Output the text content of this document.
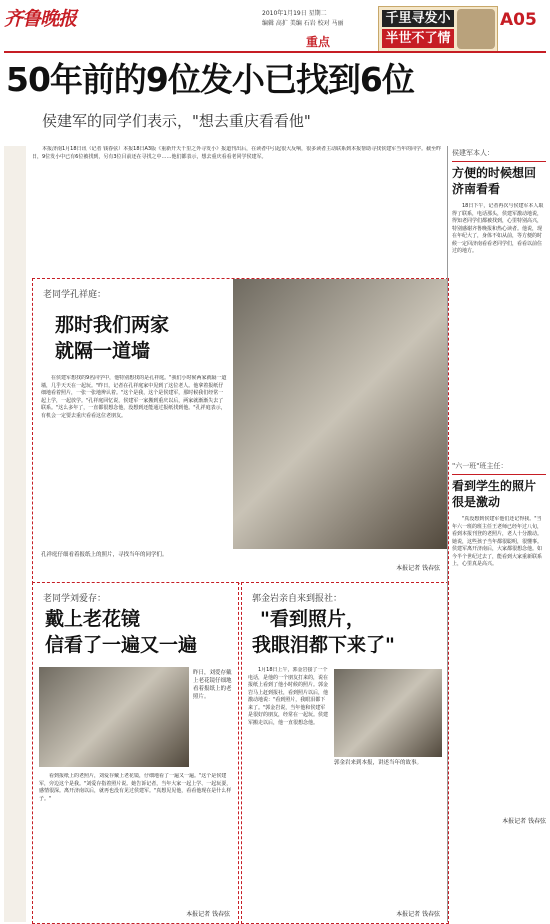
齐鲁晚报	2010年1月19日 星期二
编辑 高扩 美编 石岩 校对 马丽	千里寻发小
半世不了情
A05
重点
50年前的9位发小已找到6位
侯建军的同学们表示，"想去重庆看看他"

本报济南1月18日讯（记者 钱春弦）本报18日A3版《重新开天千里之外寻发小》报道刊出后，在读者中引起很大反响，很多读者主动联系到本报帮助寻找侯建军当年的同学。截至昨日，9位发小中已有6位被找到，另有3位目前还在寻找之中……他们都表示，想去重庆看看老同学侯建军。

老同学孔祥庭：
那时我们两家
就隔一道墙

在侯建军想找的9名同学中，他特别想找的是孔祥庭。"我们小时候两家就隔一道墙，几乎天天在一起玩。"昨日，记者在孔祥庭家中见到了这位老人。他拿着报纸仔细地看着照片，一张一张地辨认着。"这个是我，这个是侯建军，那时候我们经常一起上学，一起放学。"孔祥庭回忆说，侯建军一家搬到重庆以后，两家就渐渐失去了联系。"这么多年了，一直都很想念他，没想到还能通过报纸找到他。"孔祥庭表示，有机会一定要去重庆看看这位老朋友。

孔祥庭仔细看着报纸上的照片，寻找当年的同学们。
本报记者 钱春弦
老同学刘爱存：
戴上老花镜
信看了一遍又一遍
昨日，刘爱存戴上老花镜仔细地看着报纸上的老照片。

看到报纸上的老照片，刘爱存戴上老花镜，仔细地看了一遍又一遍。"这个是侯建军，旁边这个是我。"刘爱存指着照片说。她告诉记者，当年大家一起上学、一起玩耍，感情很深。离开济南以后，就再也没有见过侯建军。"真想见见他，看看他现在是什么样子。"

本报记者 钱春弦
郭金岩亲自来到报社：
"看到照片，
我眼泪都下来了"

1月18日上午，郭金岩接了一个电话，是他的一个朋友打来的，说在报纸上看到了他小时候的照片。郭金岩马上赶到报社，看到照片以后，他激动地说："看到照片，我眼泪都下来了。"郭金岩说，当年他和侯建军是很好的朋友，经常在一起玩。侯建军搬走以后，他一直很想念他。

郭金岩来到本报，讲述当年的故事。
本报记者 钱春弦
侯建军本人：
方便的时候想回济南看看

18日下午，记者再次与侯建军本人取得了联系，电话那头，侯建军激动地说，得知老同学们都被找到，心里特别高兴，特别感谢齐鲁晚报和热心读者。他说，现在年纪大了，身体不如从前，等方便的时候一定回济南看看老同学们，看看以前住过的地方。

"六一班"班主任：
看到学生的照片很是激动

"真没想到侯建军他们还记得我。"当年六一班的班主任王老师已经年过八旬，看到本报刊登的老照片，老人十分激动。她说，这些孩子当年都很聪明，很懂事。侯建军离开济南后，大家都很想念他。如今半个世纪过去了，能看到大家重新联系上，心里真是高兴。

本报记者 钱春弦
